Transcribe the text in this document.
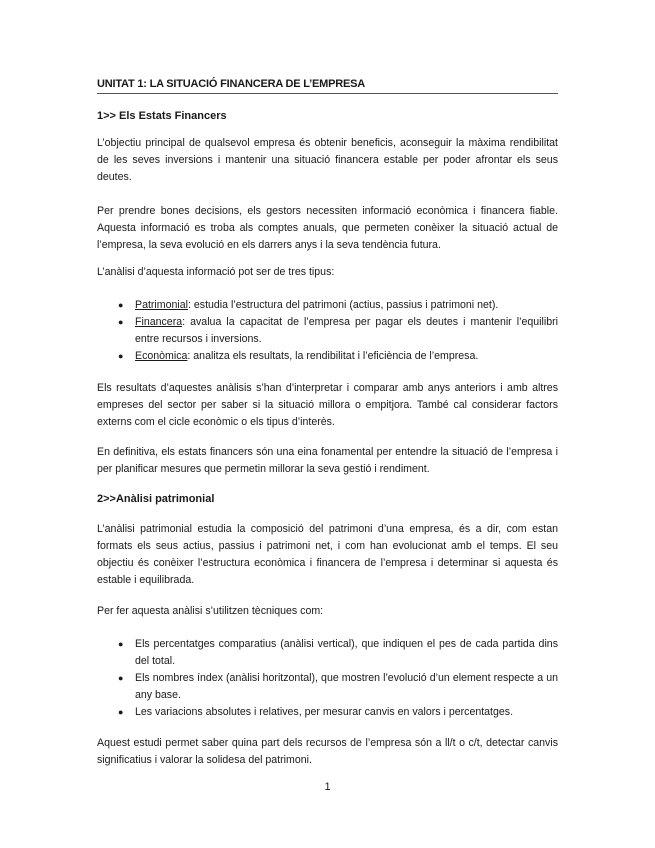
UNITAT 1: LA SITUACIÓ FINANCERA DE L’EMPRESA
1>> Els Estats Financers

L’objectiu principal de qualsevol empresa és obtenir beneficis, aconseguir la màxima rendibilitat de les seves inversions i mantenir una situació financera estable per poder afrontar els seus deutes.

Per prendre bones decisions, els gestors necessiten informació econòmica i financera fiable. Aquesta informació es troba als comptes anuals, que permeten conèixer la situació actual de l’empresa, la seva evolució en els darrers anys i la seva tendència futura.

L’anàlisi d’aquesta informació pot ser de tres tipus:

● Patrimonial: estudia l’estructura del patrimoni (actius, passius i patrimoni net).
● Financera: avalua la capacitat de l’empresa per pagar els deutes i mantenir l’equilibri entre recursos i inversions.
● Econòmica: analitza els resultats, la rendibilitat i l’eficiència de l’empresa.

Els resultats d’aquestes anàlisis s’han d’interpretar i comparar amb anys anteriors i amb altres empreses del sector per saber si la situació millora o empitjora. També cal considerar factors externs com el cicle econòmic o els tipus d’interès.

En definitiva, els estats financers són una eina fonamental per entendre la situació de l’empresa i per planificar mesures que permetin millorar la seva gestió i rendiment.

2>>Anàlisi patrimonial

L’anàlisi patrimonial estudia la composició del patrimoni d’una empresa, és a dir, com estan formats els seus actius, passius i patrimoni net, i com han evolucionat amb el temps. El seu objectiu és conèixer l’estructura econòmica i financera de l’empresa i determinar si aquesta és estable i equilibrada.

Per fer aquesta anàlisi s’utilitzen tècniques com:

● Els percentatges comparatius (anàlisi vertical), que indiquen el pes de cada partida dins del total.
● Els nombres índex (anàlisi horitzontal), que mostren l’evolució d’un element respecte a un any base.
● Les variacions absolutes i relatives, per mesurar canvis en valors i percentatges.

Aquest estudi permet saber quina part dels recursos de l’empresa són a ll/t o c/t, detectar canvis significatius i valorar la solidesa del patrimoni.

1
